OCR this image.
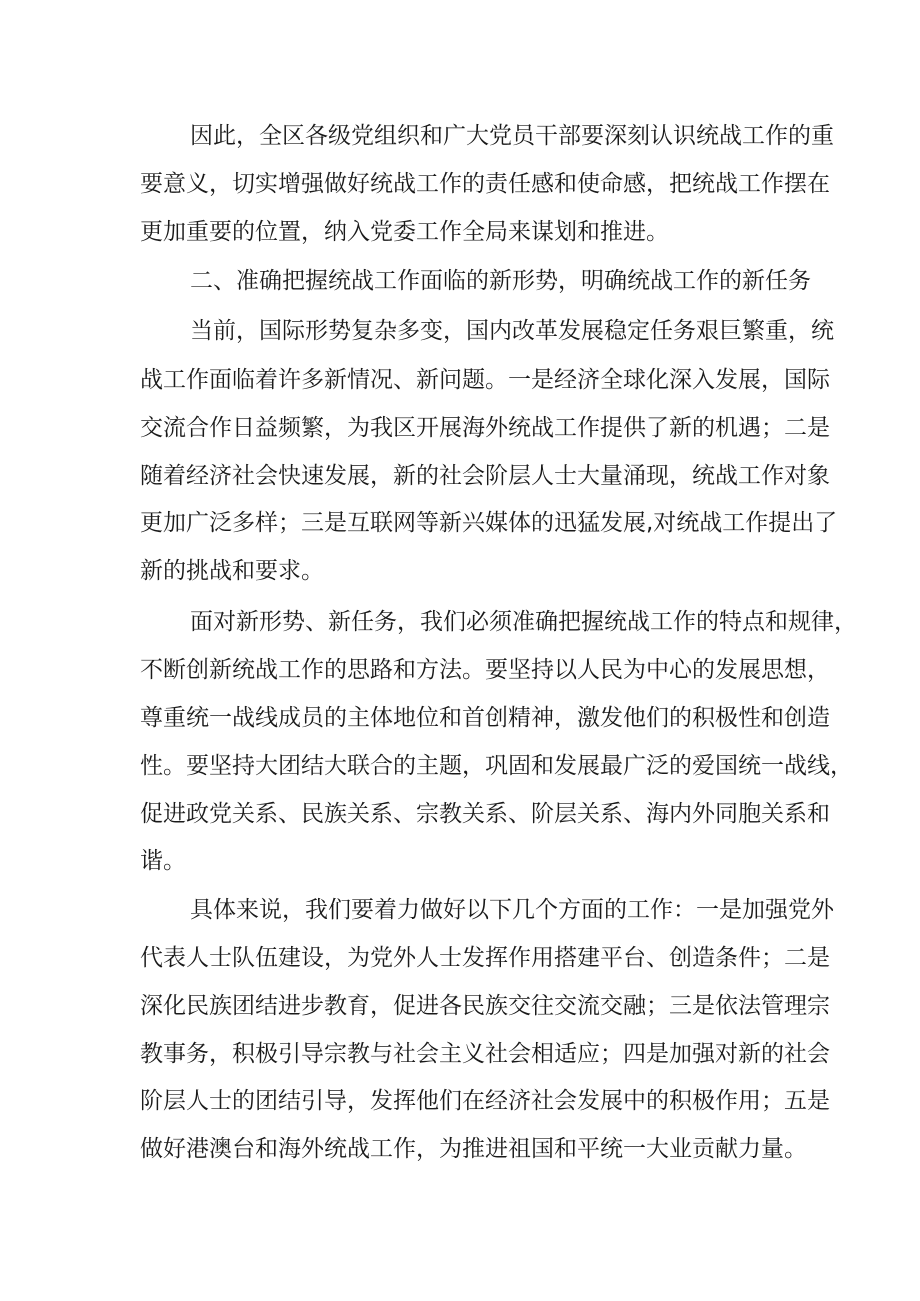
因此，全区各级党组织和广大党员干部要深刻认识统战工作的重

要意义，切实增强做好统战工作的责任感和使命感，把统战工作摆在

更加重要的位置，纳入党委工作全局来谋划和推进。

二、准确把握统战工作面临的新形势，明确统战工作的新任务

当前，国际形势复杂多变，国内改革发展稳定任务艰巨繁重，统

战工作面临着许多新情况、新问题。一是经济全球化深入发展，国际

交流合作日益频繁，为我区开展海外统战工作提供了新的机遇；二是

随着经济社会快速发展，新的社会阶层人士大量涌现，统战工作对象

更加广泛多样；三是互联网等新兴媒体的迅猛发展,对统战工作提出了

新的挑战和要求。

面对新形势、新任务，我们必须准确把握统战工作的特点和规律，

不断创新统战工作的思路和方法。要坚持以人民为中心的发展思想，

尊重统一战线成员的主体地位和首创精神，激发他们的积极性和创造

性。要坚持大团结大联合的主题，巩固和发展最广泛的爱国统一战线，

促进政党关系、民族关系、宗教关系、阶层关系、海内外同胞关系和

谐。

具体来说，我们要着力做好以下几个方面的工作：一是加强党外

代表人士队伍建设，为党外人士发挥作用搭建平台、创造条件；二是

深化民族团结进步教育，促进各民族交往交流交融；三是依法管理宗

教事务，积极引导宗教与社会主义社会相适应；四是加强对新的社会

阶层人士的团结引导，发挥他们在经济社会发展中的积极作用；五是

做好港澳台和海外统战工作，为推进祖国和平统一大业贡献力量。
